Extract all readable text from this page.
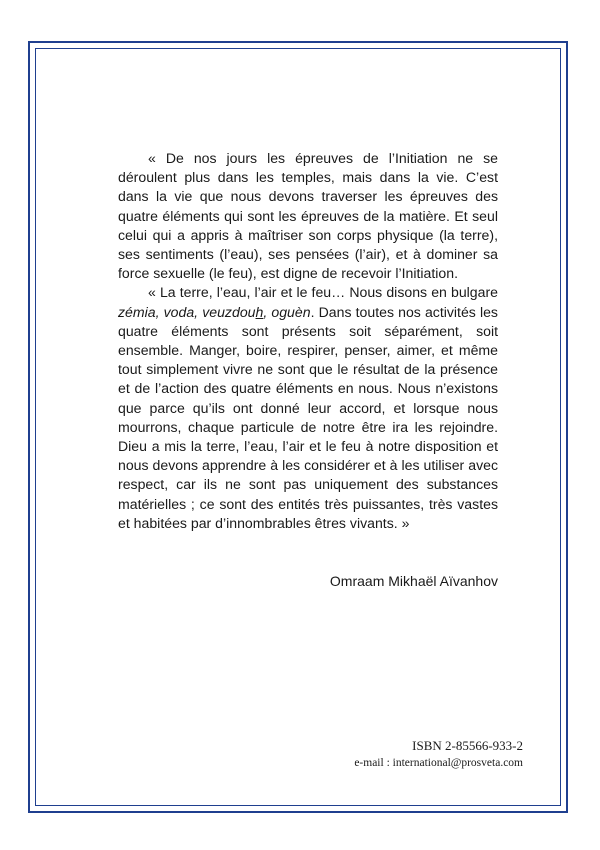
« De nos jours les épreuves de l’Initiation ne se déroulent plus dans les temples, mais dans la vie. C’est dans la vie que nous devons traverser les épreuves des quatre éléments qui sont les épreuves de la matière. Et seul celui qui a appris à maîtriser son corps physique (la terre), ses sentiments (l’eau), ses pensées (l’air), et à dominer sa force sexuelle (le feu), est digne de recevoir l’Initiation.

« La terre, l’eau, l’air et le feu… Nous disons en bulgare zémia, voda, veuzdouh, oguèn. Dans toutes nos activités les quatre éléments sont présents soit séparément, soit ensemble. Manger, boire, respirer, penser, aimer, et même tout simplement vivre ne sont que le résultat de la présence et de l’action des quatre éléments en nous. Nous n’existons que parce qu’ils ont donné leur accord, et lorsque nous mourrons, chaque particule de notre être ira les rejoindre. Dieu a mis la terre, l’eau, l’air et le feu à notre disposition et nous devons apprendre à les considérer et à les utiliser avec respect, car ils ne sont pas uniquement des substances matérielles ; ce sont des entités très puissantes, très vastes et habitées par d’innombrables êtres vivants. »

Omraam Mikhaël Aïvanhov
ISBN 2-85566-933-2
e-mail : international@prosveta.com
